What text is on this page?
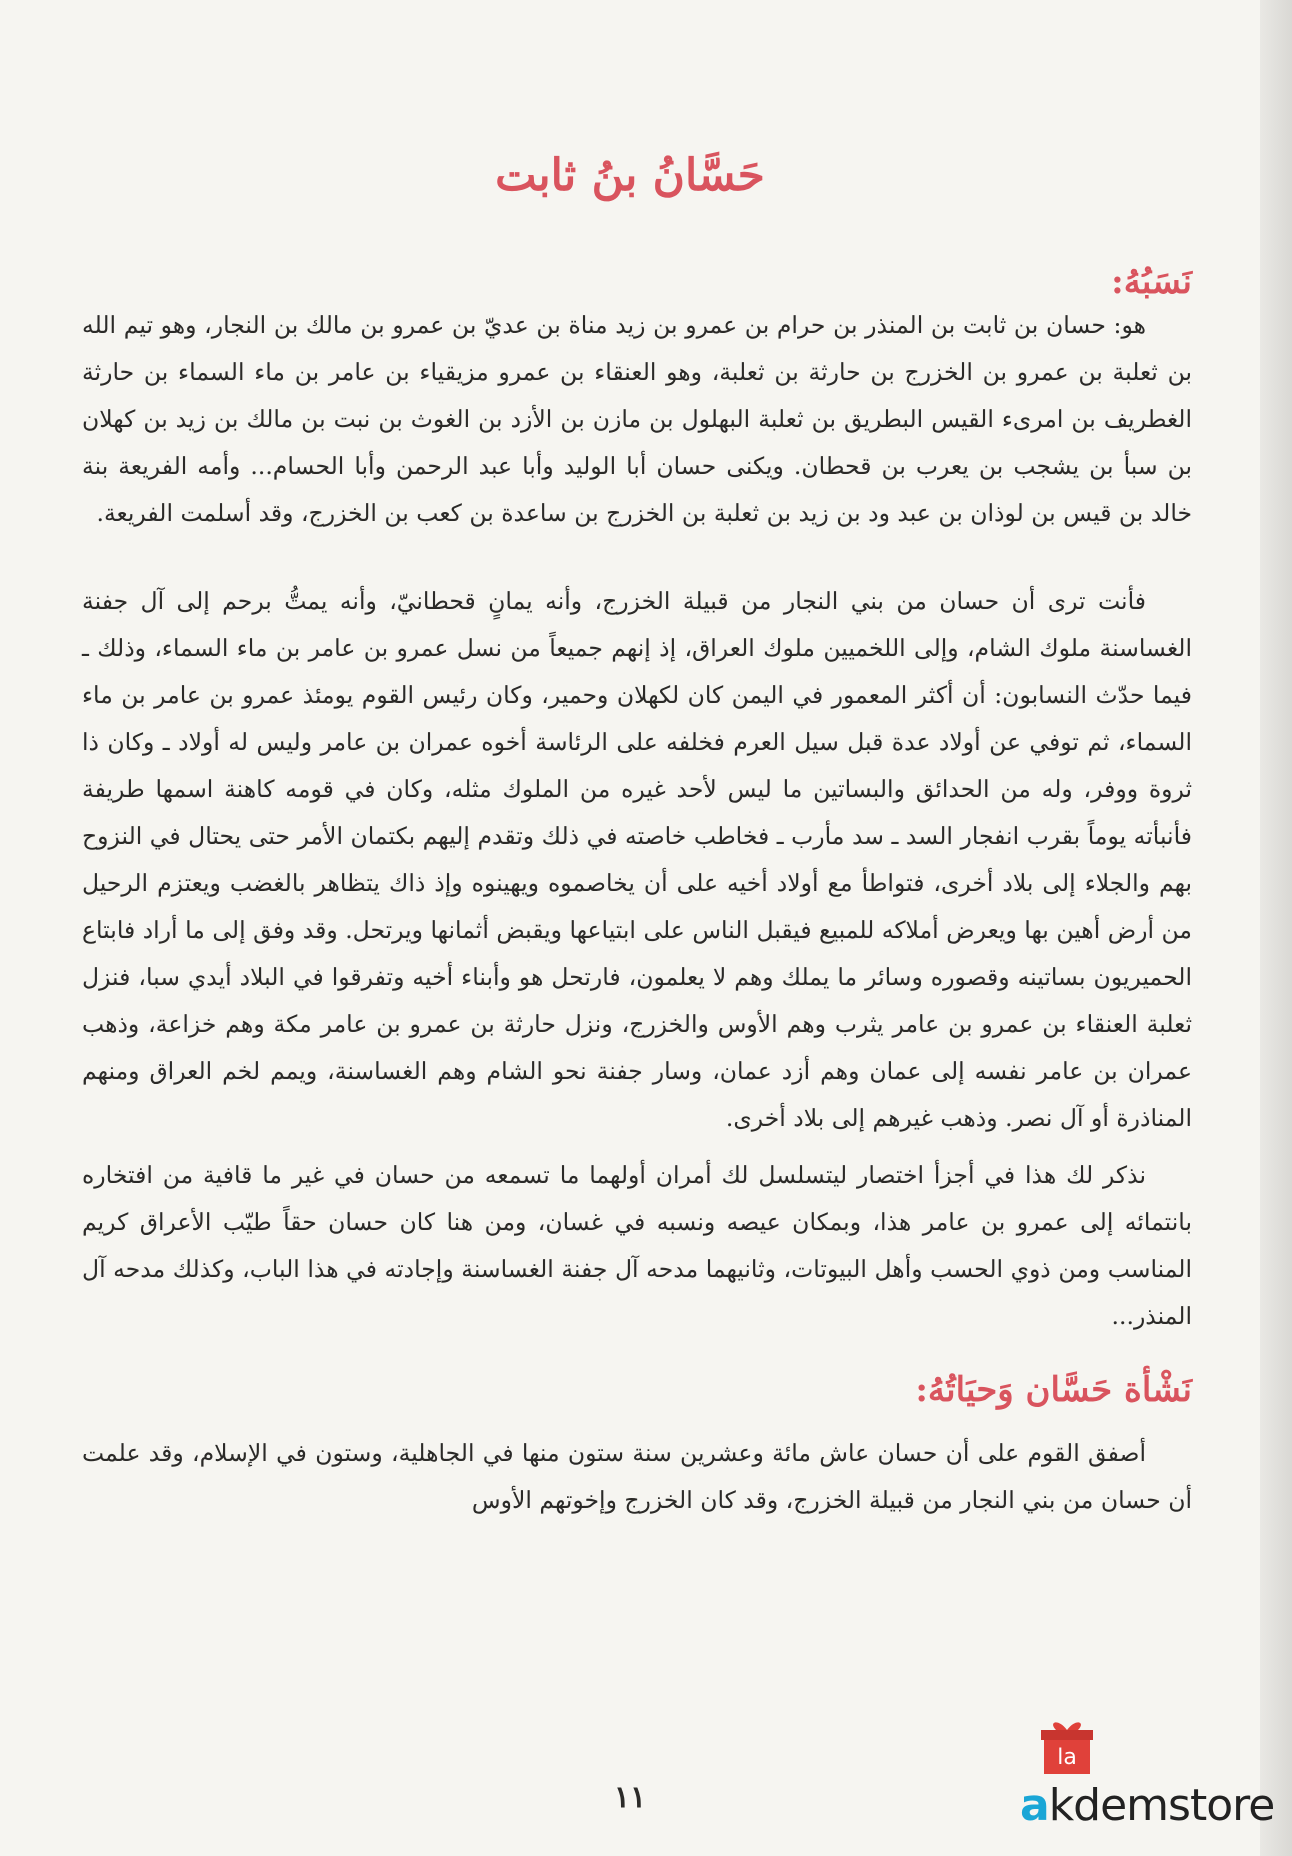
حَسَّانُ بنُ ثابت
نَسَبُهُ:

هو: حسان بن ثابت بن المنذر بن حرام بن عمرو بن زيد مناة بن عديّ بن عمرو بن مالك بن النجار، وهو تيم الله بن ثعلبة بن عمرو بن الخزرج بن حارثة بن ثعلبة، وهو العنقاء بن عمرو مزيقياء بن عامر بن ماء السماء بن حارثة الغطريف بن امرىء القيس البطريق بن ثعلبة البهلول بن مازن بن الأزد بن الغوث بن نبت بن مالك بن زيد بن كهلان بن سبأ بن يشجب بن يعرب بن قحطان. ويكنى حسان أبا الوليد وأبا عبد الرحمن وأبا الحسام... وأمه الفريعة بنة خالد بن قيس بن لوذان بن عبد ود بن زيد بن ثعلبة بن الخزرج بن ساعدة بن كعب بن الخزرج، وقد أسلمت الفريعة.

فأنت ترى أن حسان من بني النجار من قبيلة الخزرج، وأنه يمانٍ قحطانيّ، وأنه يمتُّ برحم إلى آل جفنة الغساسنة ملوك الشام، وإلى اللخميين ملوك العراق، إذ إنهم جميعاً من نسل عمرو بن عامر بن ماء السماء، وذلك ـ فيما حدّث النسابون: أن أكثر المعمور في اليمن كان لكهلان وحمير، وكان رئيس القوم يومئذ عمرو بن عامر بن ماء السماء، ثم توفي عن أولاد عدة قبل سيل العرم فخلفه على الرئاسة أخوه عمران بن عامر وليس له أولاد ـ وكان ذا ثروة ووفر، وله من الحدائق والبساتين ما ليس لأحد غيره من الملوك مثله، وكان في قومه كاهنة اسمها طريفة فأنبأته يوماً بقرب انفجار السد ـ سد مأرب ـ فخاطب خاصته في ذلك وتقدم إليهم بكتمان الأمر حتى يحتال في النزوح بهم والجلاء إلى بلاد أخرى، فتواطأ مع أولاد أخيه على أن يخاصموه ويهينوه وإذ ذاك يتظاهر بالغضب ويعتزم الرحيل من أرض أهين بها ويعرض أملاكه للمبيع فيقبل الناس على ابتياعها ويقبض أثمانها ويرتحل. وقد وفق إلى ما أراد فابتاع الحميريون بساتينه وقصوره وسائر ما يملك وهم لا يعلمون، فارتحل هو وأبناء أخيه وتفرقوا في البلاد أيدي سبا، فنزل ثعلبة العنقاء بن عمرو بن عامر يثرب وهم الأوس والخزرج، ونزل حارثة بن عمرو بن عامر مكة وهم خزاعة، وذهب عمران بن عامر نفسه إلى عمان وهم أزد عمان، وسار جفنة نحو الشام وهم الغساسنة، ويمم لخم العراق ومنهم المناذرة أو آل نصر. وذهب غيرهم إلى بلاد أخرى.

نذكر لك هذا في أجزأ اختصار ليتسلسل لك أمران أولهما ما تسمعه من حسان في غير ما قافية من افتخاره بانتمائه إلى عمرو بن عامر هذا، وبمكان عيصه ونسبه في غسان، ومن هنا كان حسان حقاً طيّب الأعراق كريم المناسب ومن ذوي الحسب وأهل البيوتات، وثانيهما مدحه آل جفنة الغساسنة وإجادته في هذا الباب، وكذلك مدحه آل المنذر...

نَشْأة حَسَّان وَحيَاتُهُ:

أصفق القوم على أن حسان عاش مائة وعشرين سنة ستون منها في الجاهلية، وستون في الإسلام، وقد علمت أن حسان من بني النجار من قبيلة الخزرج، وقد كان الخزرج وإخوتهم الأوس

١١
اa
akdemstore
